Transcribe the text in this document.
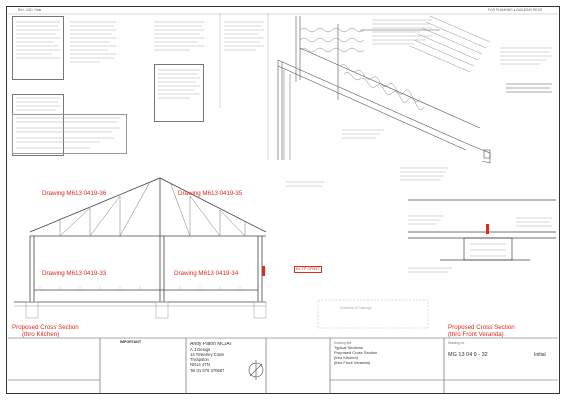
Rev  CAD  Date	FOR PLANNING ● BUILDING REGS
Drawing M613 0419-36	Drawing M613 0419-35
Drawing M613 0419-33	Drawing M613 0419-34
Ex TP CPN37
Proposed Cross Section
(thro Kitchen)
Proposed Cross Section
(thro Front Veranda)
Schedule of Drainage
IMPORTANT	Andy Paton MCIAT
A.J.Design
14 Tinkerley Close
Thrapston
NN14 4TN
Tel 01 579 370667
Drawing title
Typical Sections
Proposed Cross Section
(thro Kitchen)
(thro Front Veranda)
Drawing no.
MG 13 04 9 - 32	Initial
